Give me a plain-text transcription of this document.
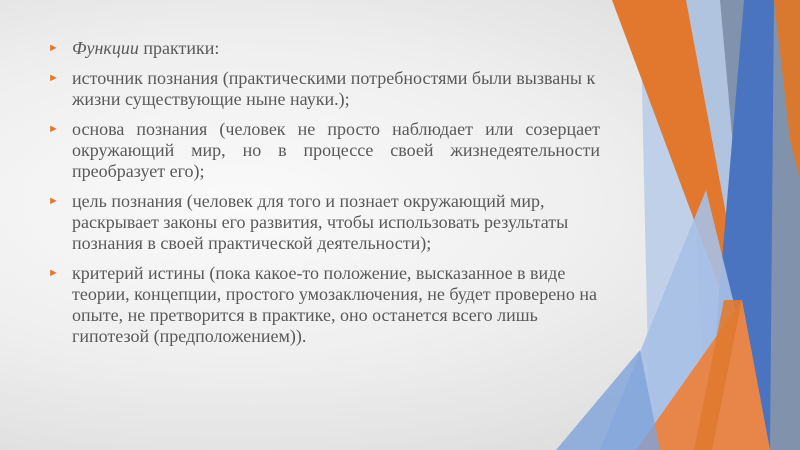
► Функции практики:
► источник познания (практическими потребностями были вызваны к жизни существующие ныне науки.);
► основа познания (человек не просто наблюдает или созерцает окружающий мир, но в процессе своей жизнедеятельности преобразует его);
► цель познания (человек для того и познает окружающий мир, раскрывает законы его развития, чтобы использовать результаты познания в своей практической деятельности);
► критерий истины (пока какое-то положение, высказанное в виде теории, концепции, простого умозаключения, не будет проверено на опыте, не претворится в практике, оно останется всего лишь гипотезой (предположением)).
